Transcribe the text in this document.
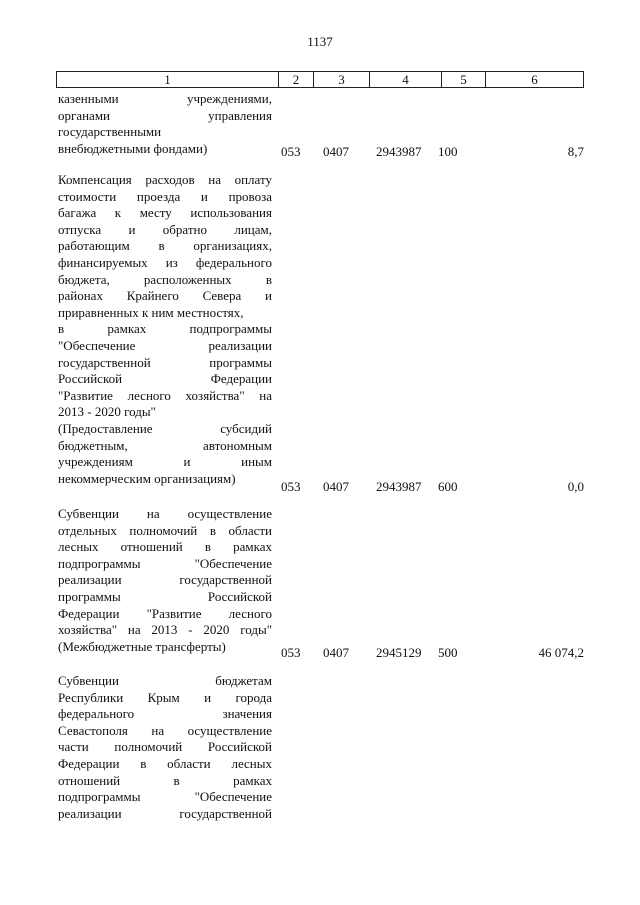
1137
1	2	3	4	5	6
казенными учреждениями,
органами управления
государственными
внебюджетными фондами)	053 0407 2943987 100	8,7
Компенсация расходов на оплату
стоимости проезда и провоза
багажа к месту использования
отпуска и обратно лицам,
работающим в организациях,
финансируемых из федерального
бюджета, расположенных в
районах Крайнего Севера и
приравненных к ним местностях,
в рамках подпрограммы
"Обеспечение реализации
государственной программы
Российской Федерации
"Развитие лесного хозяйства" на
2013 - 2020 годы"
(Предоставление субсидий
бюджетным, автономным
учреждениям и иным
некоммерческим организациям)
053 0407 2943987 600	0,0
Субвенции на осуществление
отдельных полномочий в области
лесных отношений в рамках
подпрограммы "Обеспечение
реализации государственной
программы Российской
Федерации "Развитие лесного
хозяйства" на 2013 - 2020 годы"
(Межбюджетные трансферты)	053 0407 2945129 500	46 074,2
Субвенции бюджетам
Республики Крым и города
федерального значения
Севастополя на осуществление
части полномочий Российской
Федерации в области лесных
отношений в рамках
подпрограммы "Обеспечение
реализации государственной
